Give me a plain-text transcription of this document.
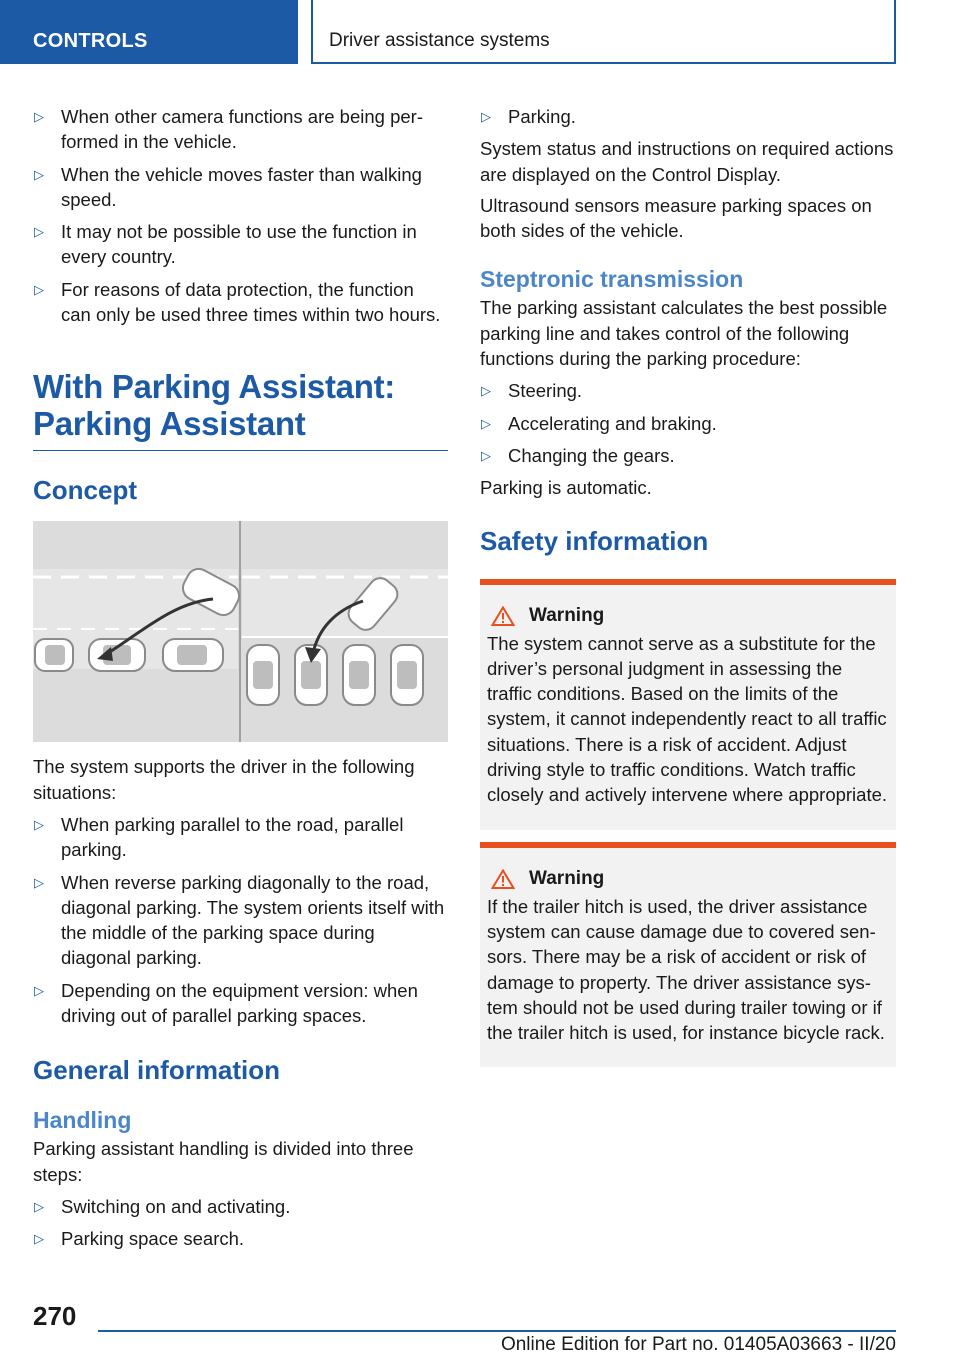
CONTROLS	Driver assistance systems
▷ When other camera functions are being performed in the vehicle.
▷ When the vehicle moves faster than walking speed.
▷ It may not be possible to use the function in every country.
▷ For reasons of data protection, the function can only be used three times within two hours.
With Parking Assistant: Parking Assistant
Concept

The system supports the driver in the following situations:

▷ When parking parallel to the road, parallel parking.
▷ When reverse parking diagonally to the road, diagonal parking. The system orients itself with the middle of the parking space during diagonal parking.
▷ Depending on the equipment version: when driving out of parallel parking spaces.
General information
Handling

Parking assistant handling is divided into three steps:

▷ Switching on and activating.
▷ Parking space search.
▷ Parking.

System status and instructions on required actions are displayed on the Control Display.

Ultrasound sensors measure parking spaces on both sides of the vehicle.

Steptronic transmission

The parking assistant calculates the best possible parking line and takes control of the following functions during the parking procedure:

▷ Steering.
▷ Accelerating and braking.
▷ Changing the gears.

Parking is automatic.

Safety information
Warning

The system cannot serve as a substitute for the driver’s personal judgment in assessing the traffic conditions. Based on the limits of the system, it cannot independently react to all traffic situations. There is a risk of accident. Adjust driving style to traffic conditions. Watch traffic closely and actively intervene where appropriate.

Warning

If the trailer hitch is used, the driver assistance system can cause damage due to covered sensors. There may be a risk of accident or risk of damage to property. The driver assistance system should not be used during trailer towing or if the trailer hitch is used, for instance bicycle rack.

270
Online Edition for Part no. 01405A03663 - II/20
